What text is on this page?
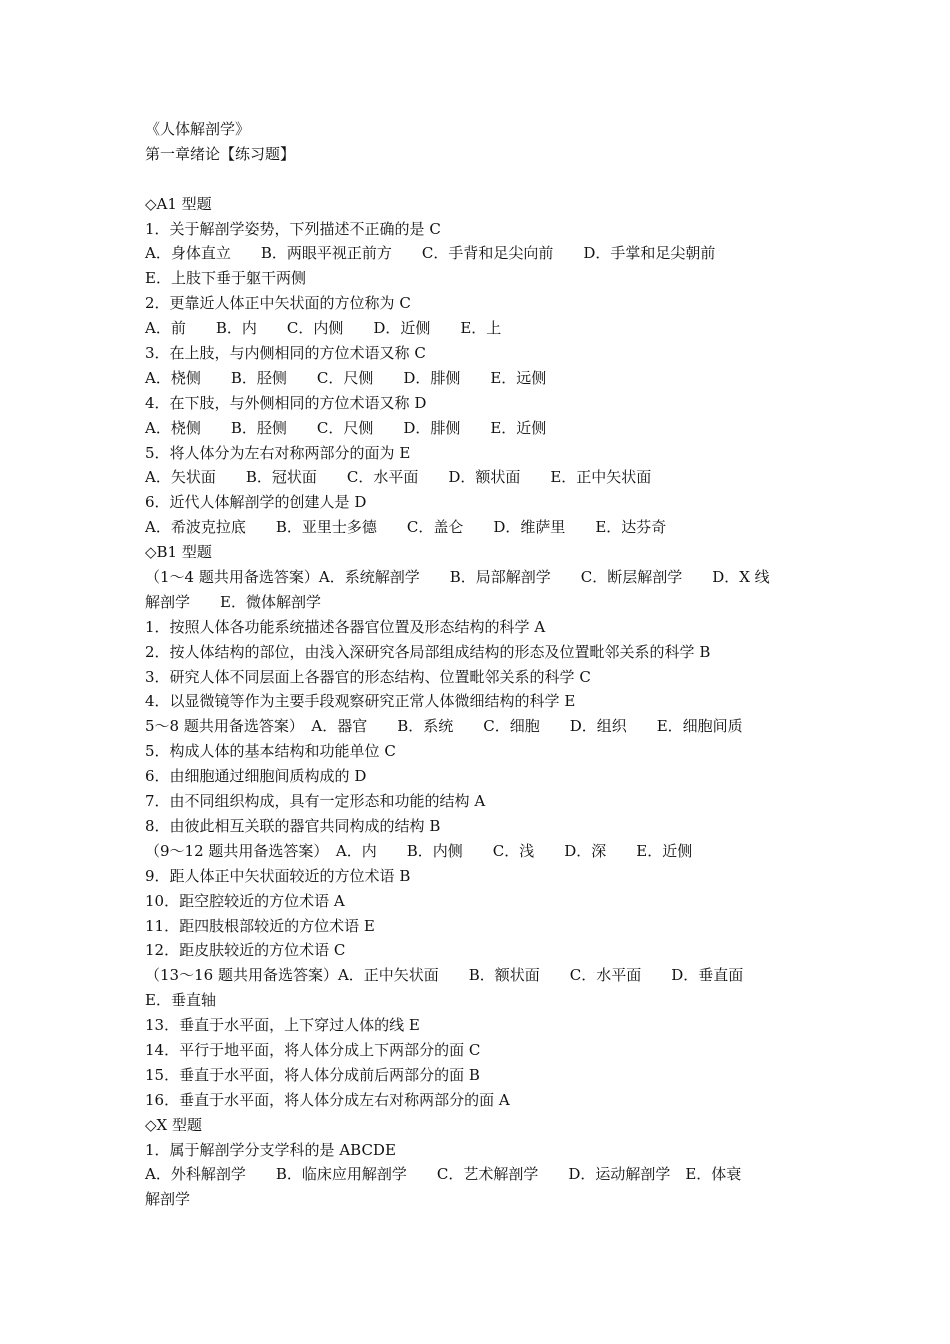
《人体解剖学》
第一章绪论【练习题】
◇A1 型题
1．关于解剖学姿势，下列描述不正确的是 C
A．身体直立　　B．两眼平视正前方　　C．手背和足尖向前　　D．手掌和足尖朝前
E．上肢下垂于躯干两侧
2．更靠近人体正中矢状面的方位称为 C
A．前　　B．内　　C．内侧　　D．近侧　　E．上
3．在上肢，与内侧相同的方位术语又称 C
A．桡侧　　B．胫侧　　C．尺侧　　D．腓侧　　E．远侧
4．在下肢，与外侧相同的方位术语又称 D
A．桡侧　　B．胫侧　　C．尺侧　　D．腓侧　　E．近侧
5．将人体分为左右对称两部分的面为 E
A．矢状面　　B．冠状面　　C．水平面　　D．额状面　　E．正中矢状面
6．近代人体解剖学的创建人是 D
A．希波克拉底　　B．亚里士多德　　C．盖仑　　D．维萨里　　E．达芬奇
◇B1 型题
（1～4 题共用备选答案）A．系统解剖学　　B．局部解剖学　　C．断层解剖学　　D．X 线
解剖学　　E．微体解剖学
1．按照人体各功能系统描述各器官位置及形态结构的科学 A
2．按人体结构的部位，由浅入深研究各局部组成结构的形态及位置毗邻关系的科学 B
3．研究人体不同层面上各器官的形态结构、位置毗邻关系的科学 C
4．以显微镜等作为主要手段观察研究正常人体微细结构的科学 E
5～8 题共用备选答案）　A．器官　　B．系统　　C．细胞　　D．组织　　E．细胞间质
5．构成人体的基本结构和功能单位 C
6．由细胞通过细胞间质构成的 D
7．由不同组织构成，具有一定形态和功能的结构 A
8．由彼此相互关联的器官共同构成的结构 B
（9～12 题共用备选答案）　A．内　　B．内侧　　C．浅　　D．深　　E．近侧
9．距人体正中矢状面较近的方位术语 B
10．距空腔较近的方位术语 A
11．距四肢根部较近的方位术语 E
12．距皮肤较近的方位术语 C
（13～16 题共用备选答案）A．正中矢状面　　B．额状面　　C．水平面　　D．垂直面
E．垂直轴
13．垂直于水平面，上下穿过人体的线 E
14．平行于地平面，将人体分成上下两部分的面 C
15．垂直于水平面，将人体分成前后两部分的面 B
16．垂直于水平面，将人体分成左右对称两部分的面 A
◇X 型题
1．属于解剖学分支学科的是 ABCDE
A．外科解剖学　　B．临床应用解剖学　　C．艺术解剖学　　D．运动解剖学　E．体衰
解剖学
